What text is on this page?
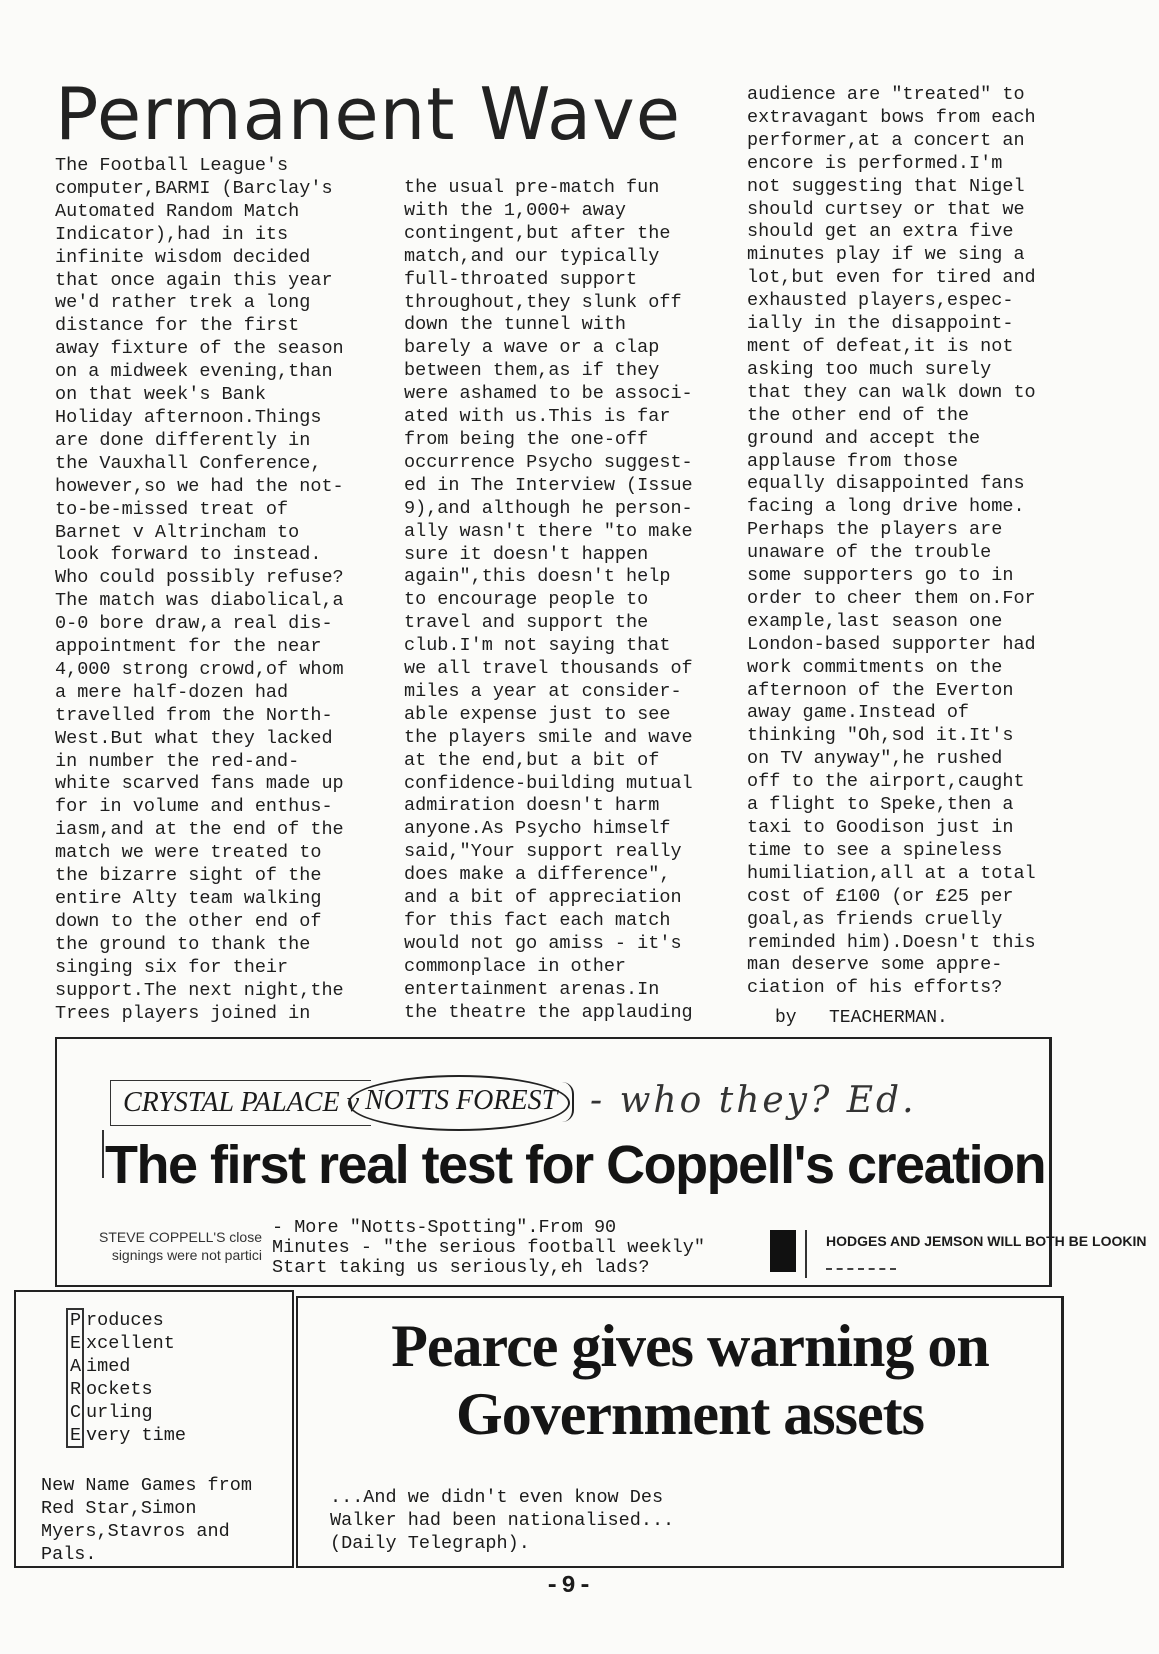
Permanent Wave
The Football League's
computer,BARMI (Barclay's
Automated Random Match
Indicator),had in its
infinite wisdom decided
that once again this year
we'd rather trek a long
distance for the first
away fixture of the season
on a midweek evening,than
on that week's Bank
Holiday afternoon.Things
are done differently in
the Vauxhall Conference,
however,so we had the not-
to-be-missed treat of
Barnet v Altrincham to
look forward to instead.
Who could possibly refuse?
The match was diabolical,a
0-0 bore draw,a real dis-
appointment for the near
4,000 strong crowd,of whom
a mere half-dozen had
travelled from the North-
West.But what they lacked
in number the red-and-
white scarved fans made up
for in volume and enthus-
iasm,and at the end of the
match we were treated to
the bizarre sight of the
entire Alty team walking
down to the other end of
the ground to thank the
singing six for their
support.The next night,the
Trees players joined in
the usual pre-match fun
with the 1,000+ away
contingent,but after the
match,and our typically
full-throated support
throughout,they slunk off
down the tunnel with
barely a wave or a clap
between them,as if they
were ashamed to be associ-
ated with us.This is far
from being the one-off
occurrence Psycho suggest-
ed in The Interview (Issue
9),and although he person-
ally wasn't there "to make
sure it doesn't happen
again",this doesn't help
to encourage people to
travel and support the
club.I'm not saying that
we all travel thousands of
miles a year at consider-
able expense just to see
the players smile and wave
at the end,but a bit of
confidence-building mutual
admiration doesn't harm
anyone.As Psycho himself
said,"Your support really
does make a difference",
and a bit of appreciation
for this fact each match
would not go amiss - it's
commonplace in other
entertainment arenas.In
the theatre the applauding
audience are "treated" to
extravagant bows from each
performer,at a concert an
encore is performed.I'm
not suggesting that Nigel
should curtsey or that we
should get an extra five
minutes play if we sing a
lot,but even for tired and
exhausted players,espec-
ially in the disappoint-
ment of defeat,it is not
asking too much surely
that they can walk down to
the other end of the
ground and accept the
applause from those
equally disappointed fans
facing a long drive home.
Perhaps the players are
unaware of the trouble
some supporters go to in
order to cheer them on.For
example,last season one
London-based supporter had
work commitments on the
afternoon of the Everton
away game.Instead of
thinking "Oh,sod it.It's
on TV anyway",he rushed
off to the airport,caught
a flight to Speke,then a
taxi to Goodison just in
time to see a spineless
humiliation,all at a total
cost of £100 (or £25 per
goal,as friends cruelly
reminded him).Doesn't this
man deserve some appre-
ciation of his efforts?
by   TEACHERMAN.
CRYSTAL PALACE v NOTTS FOREST - who they? Ed.
The first real test for Coppell's creation
STEVE COPPELL'S close signings were not partici
- More "Notts-Spotting".From 90
Minutes - "the serious football weekly"
Start taking us seriously,eh lads?
HODGES AND JEMSON WILL BOTH BE LOOKIN
P roduces
E xcellent
A imed
R ockets
C urling
E very time
New Name Games from
Red Star,Simon
Myers,Stavros and
Pals.
Pearce gives warning on Government assets
...And we didn't even know Des
Walker had been nationalised...
(Daily Telegraph).
-9-
